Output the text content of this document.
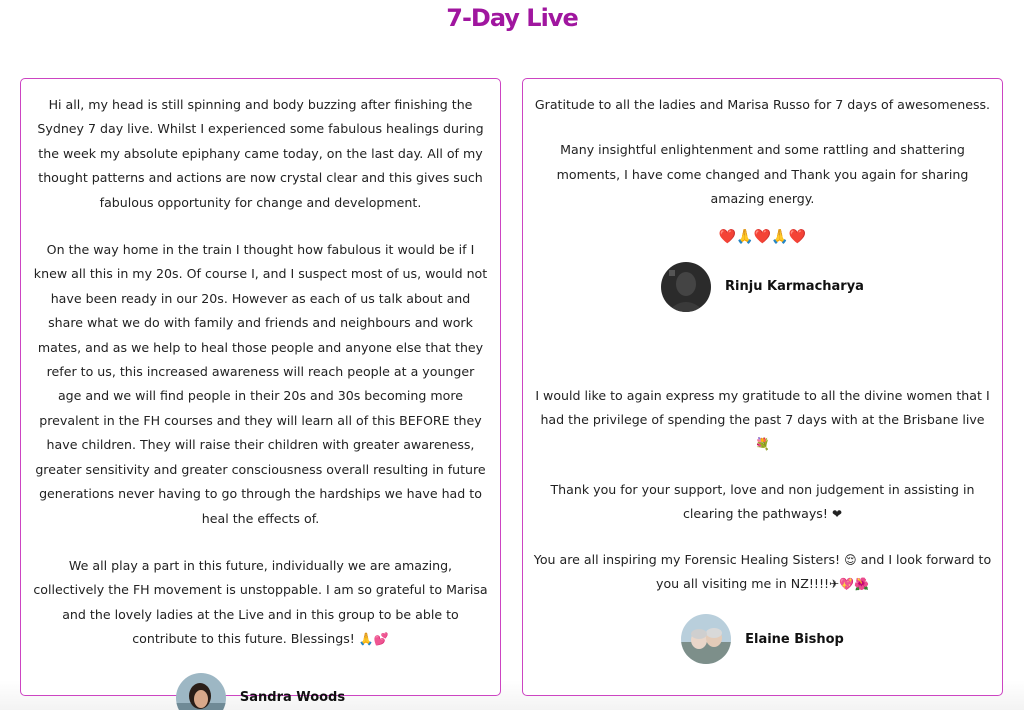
7-Day Live

Hi all, my head is still spinning and body buzzing after finishing the Sydney 7 day live. Whilst I experienced some fabulous healings during the week my absolute epiphany came today, on the last day. All of my thought patterns and actions are now crystal clear and this gives such fabulous opportunity for change and development.

On the way home in the train I thought how fabulous it would be if I knew all this in my 20s. Of course I, and I suspect most of us, would not have been ready in our 20s. However as each of us talk about and share what we do with family and friends and neighbours and work mates, and as we help to heal those people and anyone else that they refer to us, this increased awareness will reach people at a younger age and we will find people in their 20s and 30s becoming more prevalent in the FH courses and they will learn all of this BEFORE they have children. They will raise their children with greater awareness, greater sensitivity and greater consciousness overall resulting in future generations never having to go through the hardships we have had to heal the effects of.

We all play a part in this future, individually we are amazing, collectively the FH movement is unstoppable. I am so grateful to Marisa and the lovely ladies at the Live and in this group to be able to contribute to this future. Blessings! 🙏💕

Sandra Woods

Gratitude to all the ladies and Marisa Russo for 7 days of awesomeness.

Many insightful enlightenment and some rattling and shattering moments, I have come changed and Thank you again for sharing amazing energy.

❤️🙏❤️🙏❤️
Rinju Karmacharya

I would like to again express my gratitude to all the divine women that I had the privilege of spending the past 7 days with at the Brisbane live 💐

Thank you for your support, love and non judgement in assisting in clearing the pathways! ❤

You are all inspiring my Forensic Healing Sisters! 😌 and I look forward to you all visiting me in NZ!!!!✈💖🌺

Elaine Bishop
